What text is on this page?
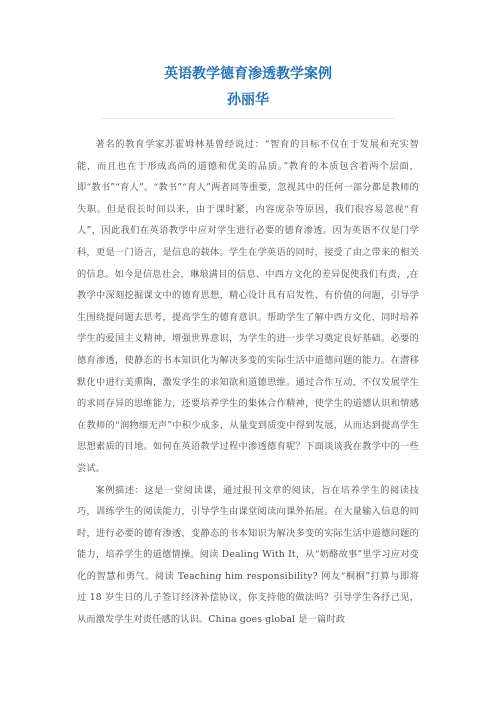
英语教学德育渗透教学案例
孙丽华

著名的教育学家苏霍姆林基曾经说过：“智育的目标不仅在于发展和充实智能，而且也在于形成高尚的道德和优美的品质。”教育的本质包含着两个层面，即“教书”“育人”。“教书”“育人”两者同等重要，忽视其中的任何一部分都是教师的失职。但是很长时间以来，由于课时紧，内容庞杂等原因，我们很容易忽视“育人”，因此我们在英语教学中应对学生进行必要的德育渗透。因为英语不仅是门学科，更是一门语言，是信息的载体。学生在学英语的同时，接受了由之带来的相关的信息。如今是信息社会，琳琅满目的信息、中西方文化的差异促使我们有责，,在教学中深刻挖掘课文中的德育思想，精心设计具有启发性、有价值的问题，引导学生围绕提问题去思考，提高学生的德育意识。帮助学生了解中西方文化，同时培养学生的爱国主义精神，增强世界意识，为学生的进一步学习奠定良好基础。必要的德育渗透，使静态的书本知识化为解决多变的实际生活中道德问题的能力。在潜移默化中进行美熏陶，激发学生的求知欲和道德思维。通过合作互动，不仅发展学生的求同存异的思维能力，还要培养学生的集体合作精神，使学生的道德认识和情感在教师的“润物细无声”中积少成多，从量变到质变中得到发展，从而达到提高学生思想素质的目地。如何在英语教学过程中渗透德育呢？下面谈谈我在教学中的一些尝试。

案例描述：这是一堂阅读课，通过报刊文章的阅读，旨在培养学生的阅读技巧，训练学生的阅读能力，引导学生由课堂阅读向课外拓展。在大量输入信息的同时，进行必要的德育渗透，变静态的书本知识为解决多变的实际生活中道德问题的能力，培养学生的道德情操。阅读 Dealing With It，从“奶酪故事”里学习应对变化的智慧和勇气。阅读 Teaching him responsibility? 网友“桐桐”打算与即将过 18 岁生日的儿子签订经济补偿协议，你支持他的做法吗？引导学生各抒己见，从而激发学生对责任感的认识。China goes global 是一篇时政
